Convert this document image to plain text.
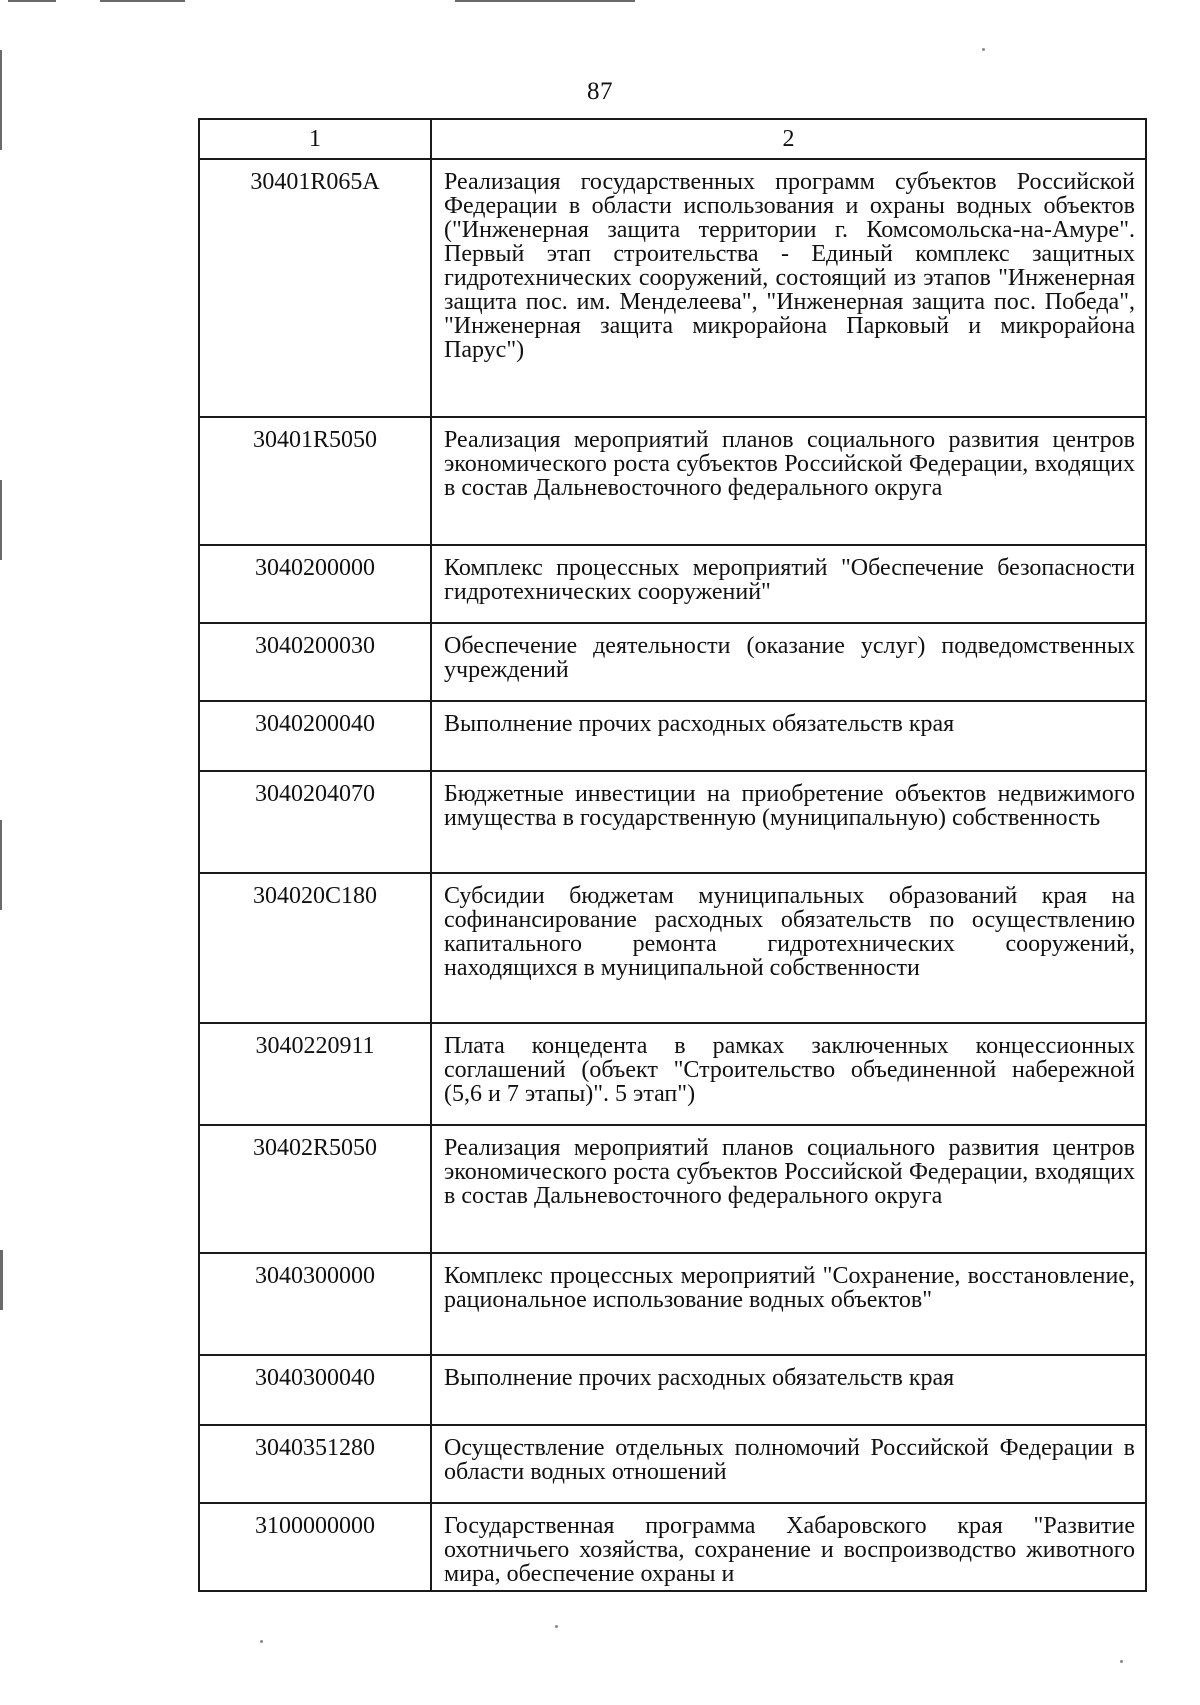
87
1	2
30401R065A	Реализация государственных программ субъектов Российской Федерации в области использования и охраны водных объектов ("Инженерная защита территории г. Комсомольска-на-Амуре". Первый этап строительства - Единый комплекс защитных гидротехнических сооружений, состоящий из этапов "Инженерная защита пос. им. Менделеева", "Инженерная защита пос. Победа", "Инженерная защита микрорайона Парковый и микрорайона Парус")
30401R5050	Реализация мероприятий планов социального развития центров экономического роста субъектов Российской Федерации, входящих в состав Дальневосточного федерального округа
3040200000	Комплекс процессных мероприятий "Обеспечение безопасности гидротехнических сооружений"
3040200030	Обеспечение деятельности (оказание услуг) подведомственных учреждений
3040200040	Выполнение прочих расходных обязательств края
3040204070	Бюджетные инвестиции на приобретение объектов недвижимого имущества в государственную (муниципальную) собственность
304020С180	Субсидии бюджетам муниципальных образований края на софинансирование расходных обязательств по осуществлению капитального ремонта гидротехнических сооружений, находящихся в муниципальной собственности
3040220911	Плата концедента в рамках заключенных концессионных соглашений (объект "Строительство объединенной набережной (5,6 и 7 этапы)". 5 этап")
30402R5050	Реализация мероприятий планов социального развития центров экономического роста субъектов Российской Федерации, входящих в состав Дальневосточного федерального округа
3040300000	Комплекс процессных мероприятий "Сохранение, восстановление, рациональное использование водных объектов"
3040300040	Выполнение прочих расходных обязательств края
3040351280	Осуществление отдельных полномочий Российской Федерации в области водных отношений
3100000000	Государственная программа Хабаровского края "Развитие охотничьего хозяйства, сохранение и воспроизводство животного мира, обеспечение охраны и
